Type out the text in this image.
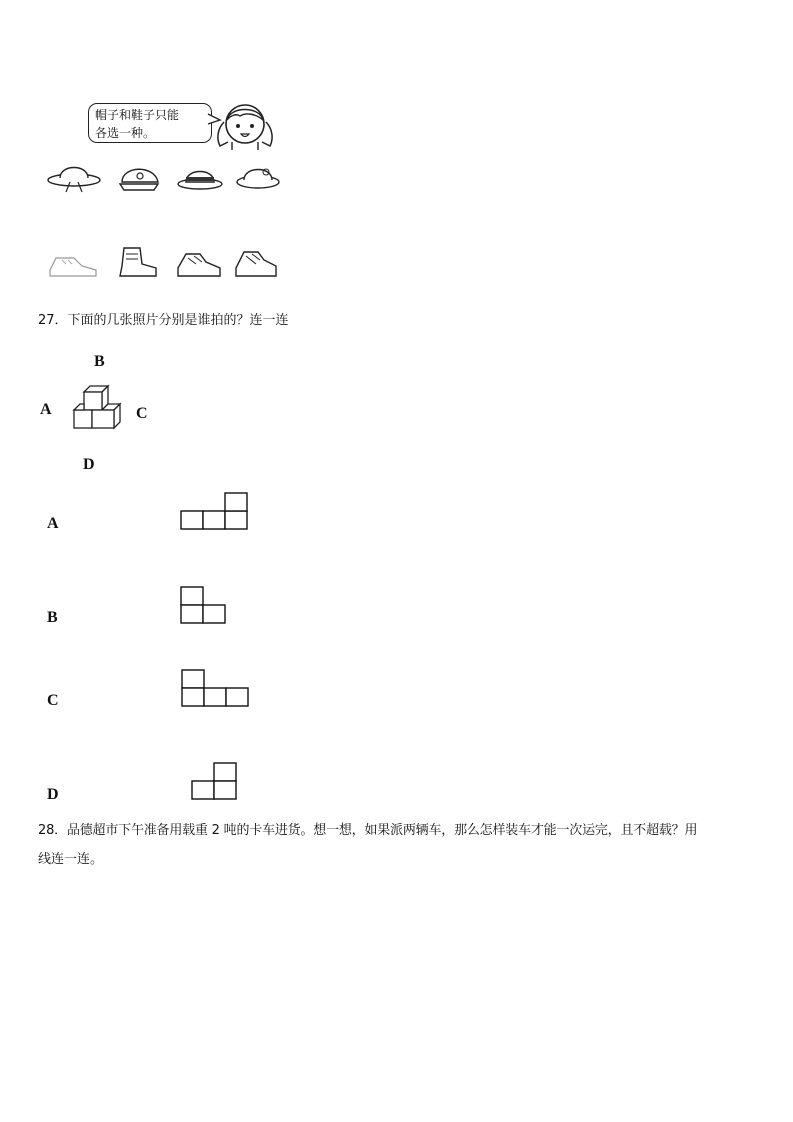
帽子和鞋子只能
各选一种。
27．下面的几张照片分别是谁拍的？连一连
B
A	C
D
A
B
C
D
28．品德超市下午准备用载重 2 吨的卡车进货。想一想，如果派两辆车，那么怎样装车才能一次运完，且不超载？用
线连一连。
